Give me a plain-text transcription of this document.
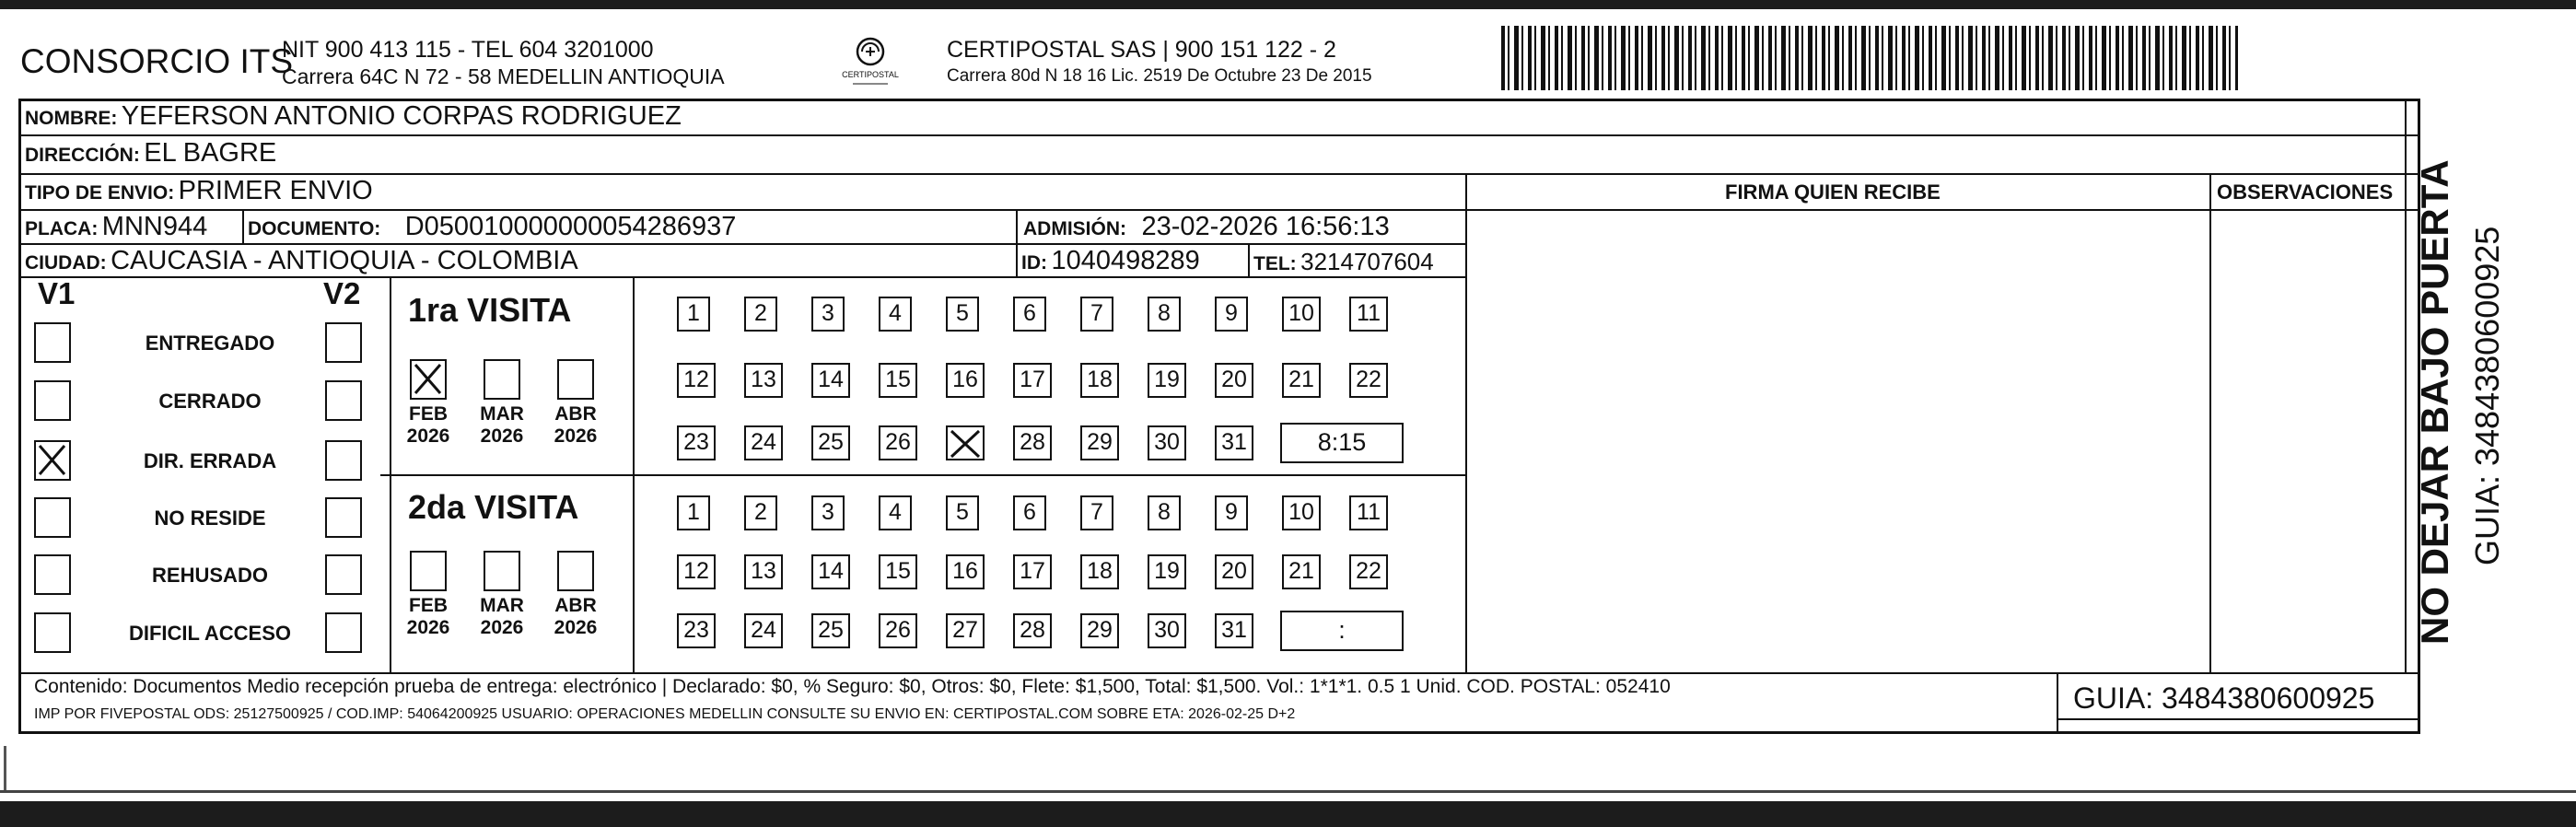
CONSORCIO ITS
NIT 900 413 115 - TEL 604 3201000
Carrera 64C N 72 - 58 MEDELLIN ANTIOQUIA	CERTIPOSTAL
CERTIPOSTAL SAS | 900 151 122 - 2
Carrera 80d N 18 16 Lic. 2519 De Octubre 23 De 2015
NOMBRE: YEFERSON ANTONIO CORPAS RODRIGUEZ
DIRECCIÓN: EL BAGRE
TIPO DE ENVIO: PRIMER ENVIO	FIRMA QUIEN RECIBE	OBSERVACIONES
PLACA: MNN944 DOCUMENTO: D050010000000054286937	ADMISIÓN: 23-02-2026 16:56:13
CIUDAD: CAUCASIA - ANTIOQUIA - COLOMBIA	ID: 1040498289	TEL: 3214707604
V1	V2
ENTREGADO
CERRADO
DIR. ERRADA
NO RESIDE
REHUSADO
DIFICIL ACCESO
1ra VISITA
FEB
2026
MAR
2026
ABR
2026
1	2	3	4	5	6	7	8	9	10	11
12 13 14 15 16 17 18 19 20 21 22
23 24 25 26	28 29 30 31	8:15
2da VISITA
FEB
2026
MAR
2026
ABR
2026
1	2	3	4	5	6	7	8	9	10	11
12 13 14 15 16 17 18 19 20 21 22
23 24 25 26 27 28 29 30 31	:
Contenido: Documentos Medio recepción prueba de entrega: electrónico | Declarado: $0, % Seguro: $0, Otros: $0, Flete: $1,500, Total: $1,500. Vol.: 1*1*1. 0.5 1 Unid. COD. POSTAL: 052410
IMP POR FIVEPOSTAL ODS: 25127500925 / COD.IMP: 54064200925 USUARIO: OPERACIONES MEDELLIN CONSULTE SU ENVIO EN: CERTIPOSTAL.COM SOBRE ETA: 2026-02-25 D+2	GUIA: 3484380600925
NO DEJAR BAJO PUERTA GUIA: 3484380600925
